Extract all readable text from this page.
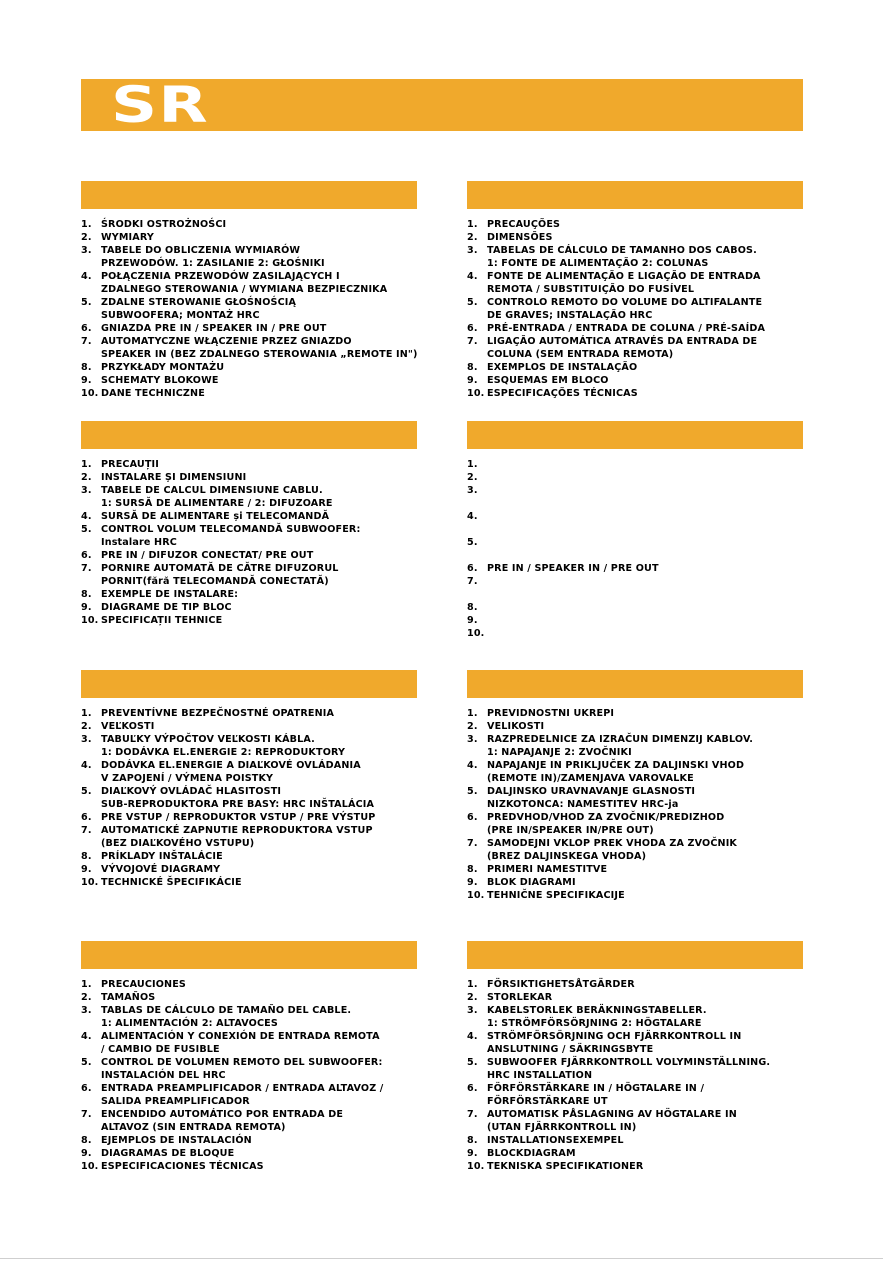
SR
1. ŚRODKI OSTROŻNOŚCI
2. WYMIARY
3. TABELE DO OBLICZENIA WYMIARÓW
PRZEWODÓW. 1: ZASILANIE 2: GŁOŚNIKI
4. POŁĄCZENIA PRZEWODÓW ZASILAJĄCYCH I
ZDALNEGO STEROWANIA / WYMIANA BEZPIECZNIKA
5. ZDALNE STEROWANIE GŁOŚNOŚCIĄ
SUBWOOFERA; MONTAŻ HRC
6. GNIAZDA PRE IN / SPEAKER IN / PRE OUT
7. AUTOMATYCZNE WŁĄCZENIE PRZEZ GNIAZDO
SPEAKER IN (BEZ ZDALNEGO STEROWANIA „REMOTE IN")
8. PRZYKŁADY MONTAŻU
9. SCHEMATY BLOKOWE
10. DANE TECHNICZNE
1. PRECAUÇÕES
2. DIMENSÕES
3. TABELAS DE CÁLCULO DE TAMANHO DOS CABOS.
1: FONTE DE ALIMENTAÇÃO 2: COLUNAS
4. FONTE DE ALIMENTAÇÃO E LIGAÇÃO DE ENTRADA
REMOTA / SUBSTITUIÇÃO DO FUSÍVEL
5. CONTROLO REMOTO DO VOLUME DO ALTIFALANTE
DE GRAVES; INSTALAÇÃO HRC
6. PRÉ-ENTRADA / ENTRADA DE COLUNA / PRÉ-SAÍDA
7. LIGAÇÃO AUTOMÁTICA ATRAVÉS DA ENTRADA DE
COLUNA (SEM ENTRADA REMOTA)
8. EXEMPLOS DE INSTALAÇÃO
9. ESQUEMAS EM BLOCO
10. ESPECIFICAÇÕES TÉCNICAS
1. PRECAUȚII
2. INSTALARE ȘI DIMENSIUNI
3. TABELE DE CALCUL DIMENSIUNE CABLU.
1: SURSĂ DE ALIMENTARE / 2: DIFUZOARE
4. SURSĂ DE ALIMENTARE și TELECOMANDĂ
5. CONTROL VOLUM TELECOMANDĂ SUBWOOFER:
Instalare HRC
6. PRE IN / DIFUZOR CONECTAT/ PRE OUT
7. PORNIRE AUTOMATĂ DE CĂTRE DIFUZORUL
PORNIT(fără TELECOMANDĂ CONECTATĂ)
8. EXEMPLE DE INSTALARE:
9. DIAGRAME DE TIP BLOC
10. SPECIFICAȚII TEHNICE
1.
2.
3.
4.
5.
6. PRE IN / SPEAKER IN / PRE OUT
7.
8.
9.
10.
1. PREVENTÍVNE BEZPEČNOSTNÉ OPATRENIA
2. VEĽKOSTI
3. TABUĽKY VÝPOČTOV VEĽKOSTI KÁBLA.
1: DODÁVKA EL.ENERGIE 2: REPRODUKTORY
4. DODÁVKA EL.ENERGIE A DIAĽKOVÉ OVLÁDANIA
V ZAPOJENÍ / VÝMENA POISTKY
5. DIAĽKOVÝ OVLÁDAČ HLASITOSTI
SUB-REPRODUKTORA PRE BASY: HRC INŠTALÁCIA
6. PRE VSTUP / REPRODUKTOR VSTUP / PRE VÝSTUP
7. AUTOMATICKÉ ZAPNUTIE REPRODUKTORA VSTUP
(BEZ DIAĽKOVÉHO VSTUPU)
8. PRÍKLADY INŠTALÁCIE
9. VÝVOJOVÉ DIAGRAMY
10. TECHNICKÉ ŠPECIFIKÁCIE
1. PREVIDNOSTNI UKREPI
2. VELIKOSTI
3. RAZPREDELNICE ZA IZRAČUN DIMENZIJ KABLOV.
1: NAPAJANJE 2: ZVOČNIKI
4. NAPAJANJE IN PRIKLJUČEK ZA DALJINSKI VHOD
(REMOTE IN)/ZAMENJAVA VAROVALKE
5. DALJINSKO URAVNAVANJE GLASNOSTI
NIZKOTONCA: NAMESTITEV HRC-ja
6. PREDVHOD/VHOD ZA ZVOČNIK/PREDIZHOD
(PRE IN/SPEAKER IN/PRE OUT)
7. SAMODEJNI VKLOP PREK VHODA ZA ZVOČNIK
(BREZ DALJINSKEGA VHODA)
8. PRIMERI NAMESTITVE
9. BLOK DIAGRAMI
10. TEHNIČNE SPECIFIKACIJE
1. PRECAUCIONES
2. TAMAÑOS
3. TABLAS DE CÁLCULO DE TAMAÑO DEL CABLE.
1: ALIMENTACIÓN 2: ALTAVOCES
4. ALIMENTACIÓN Y CONEXIÓN DE ENTRADA REMOTA
/ CAMBIO DE FUSIBLE
5. CONTROL DE VOLUMEN REMOTO DEL SUBWOOFER:
INSTALACIÓN DEL HRC
6. ENTRADA PREAMPLIFICADOR / ENTRADA ALTAVOZ /
SALIDA PREAMPLIFICADOR
7. ENCENDIDO AUTOMÁTICO POR ENTRADA DE
ALTAVOZ (SIN ENTRADA REMOTA)
8. EJEMPLOS DE INSTALACIÓN
9. DIAGRAMAS DE BLOQUE
10. ESPECIFICACIONES TÉCNICAS
1. FÖRSIKTIGHETSÅTGÄRDER
2. STORLEKAR
3. KABELSTORLEK BERÄKNINGSTABELLER.
1: STRÖMFÖRSÖRJNING 2: HÖGTALARE
4. STRÖMFÖRSÖRJNING OCH FJÄRRKONTROLL IN
ANSLUTNING / SÄKRINGSBYTE
5. SUBWOOFER FJÄRRKONTROLL VOLYMINSTÄLLNING.
HRC INSTALLATION
6. FÖRFÖRSTÄRKARE IN / HÖGTALARE IN /
FÖRFÖRSTÄRKARE UT
7. AUTOMATISK PÅSLAGNING AV HÖGTALARE IN
(UTAN FJÄRRKONTROLL IN)
8. INSTALLATIONSEXEMPEL
9. BLOCKDIAGRAM
10. TEKNISKA SPECIFIKATIONER
